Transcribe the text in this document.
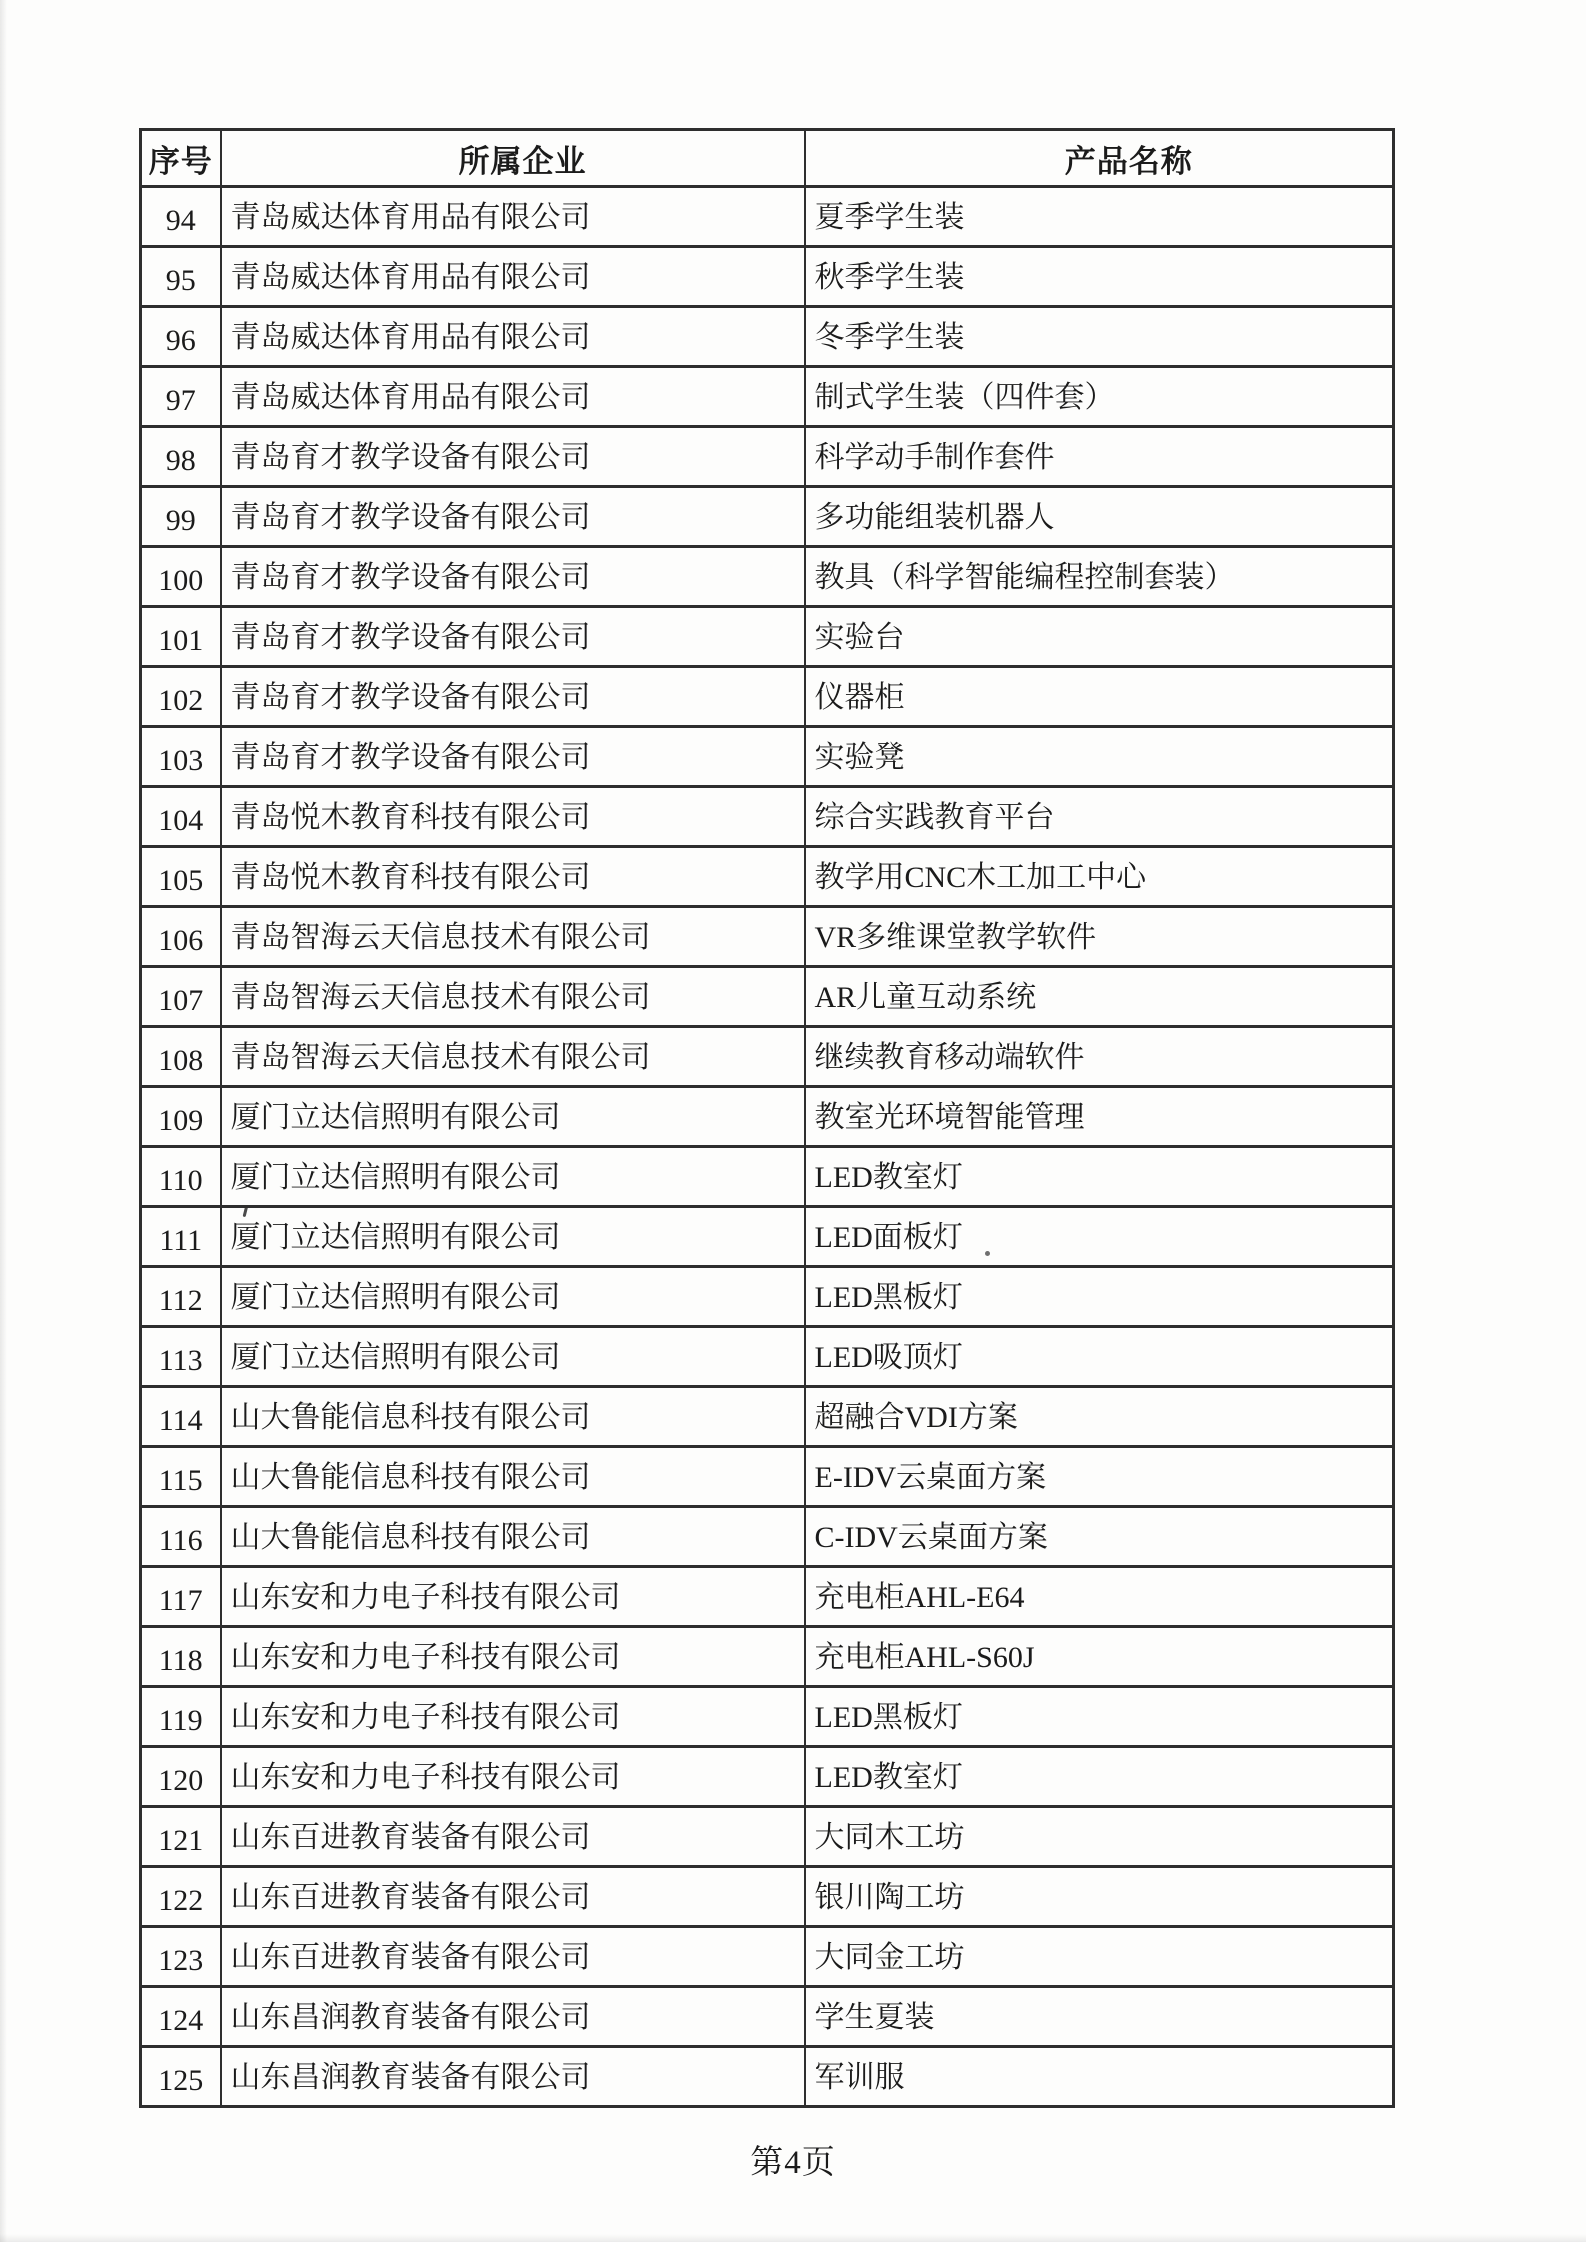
序号	所属企业	产品名称
94	青岛威达体育用品有限公司	夏季学生装
95	青岛威达体育用品有限公司	秋季学生装
96	青岛威达体育用品有限公司	冬季学生装
97	青岛威达体育用品有限公司	制式学生装（四件套）
98	青岛育才教学设备有限公司	科学动手制作套件
99	青岛育才教学设备有限公司	多功能组装机器人
100	青岛育才教学设备有限公司	教具（科学智能编程控制套装）
101	青岛育才教学设备有限公司	实验台
102	青岛育才教学设备有限公司	仪器柜
103	青岛育才教学设备有限公司	实验凳
104	青岛悦木教育科技有限公司	综合实践教育平台
105	青岛悦木教育科技有限公司	教学用CNC木工加工中心
106	青岛智海云天信息技术有限公司	VR多维课堂教学软件
107	青岛智海云天信息技术有限公司	AR儿童互动系统
108	青岛智海云天信息技术有限公司	继续教育移动端软件
109	厦门立达信照明有限公司	教室光环境智能管理
110	厦门立达信照明有限公司	LED教室灯
111	厦门立达信照明有限公司	LED面板灯
112	厦门立达信照明有限公司	LED黑板灯
113	厦门立达信照明有限公司	LED吸顶灯
114	山大鲁能信息科技有限公司	超融合VDI方案
115	山大鲁能信息科技有限公司	E-IDV云桌面方案
116	山大鲁能信息科技有限公司	C-IDV云桌面方案
117	山东安和力电子科技有限公司	充电柜AHL-E64
118	山东安和力电子科技有限公司	充电柜AHL-S60J
119	山东安和力电子科技有限公司	LED黑板灯
120	山东安和力电子科技有限公司	LED教室灯
121	山东百进教育装备有限公司	大同木工坊
122	山东百进教育装备有限公司	银川陶工坊
123	山东百进教育装备有限公司	大同金工坊
124	山东昌润教育装备有限公司	学生夏装
125	山东昌润教育装备有限公司	军训服
第4页
